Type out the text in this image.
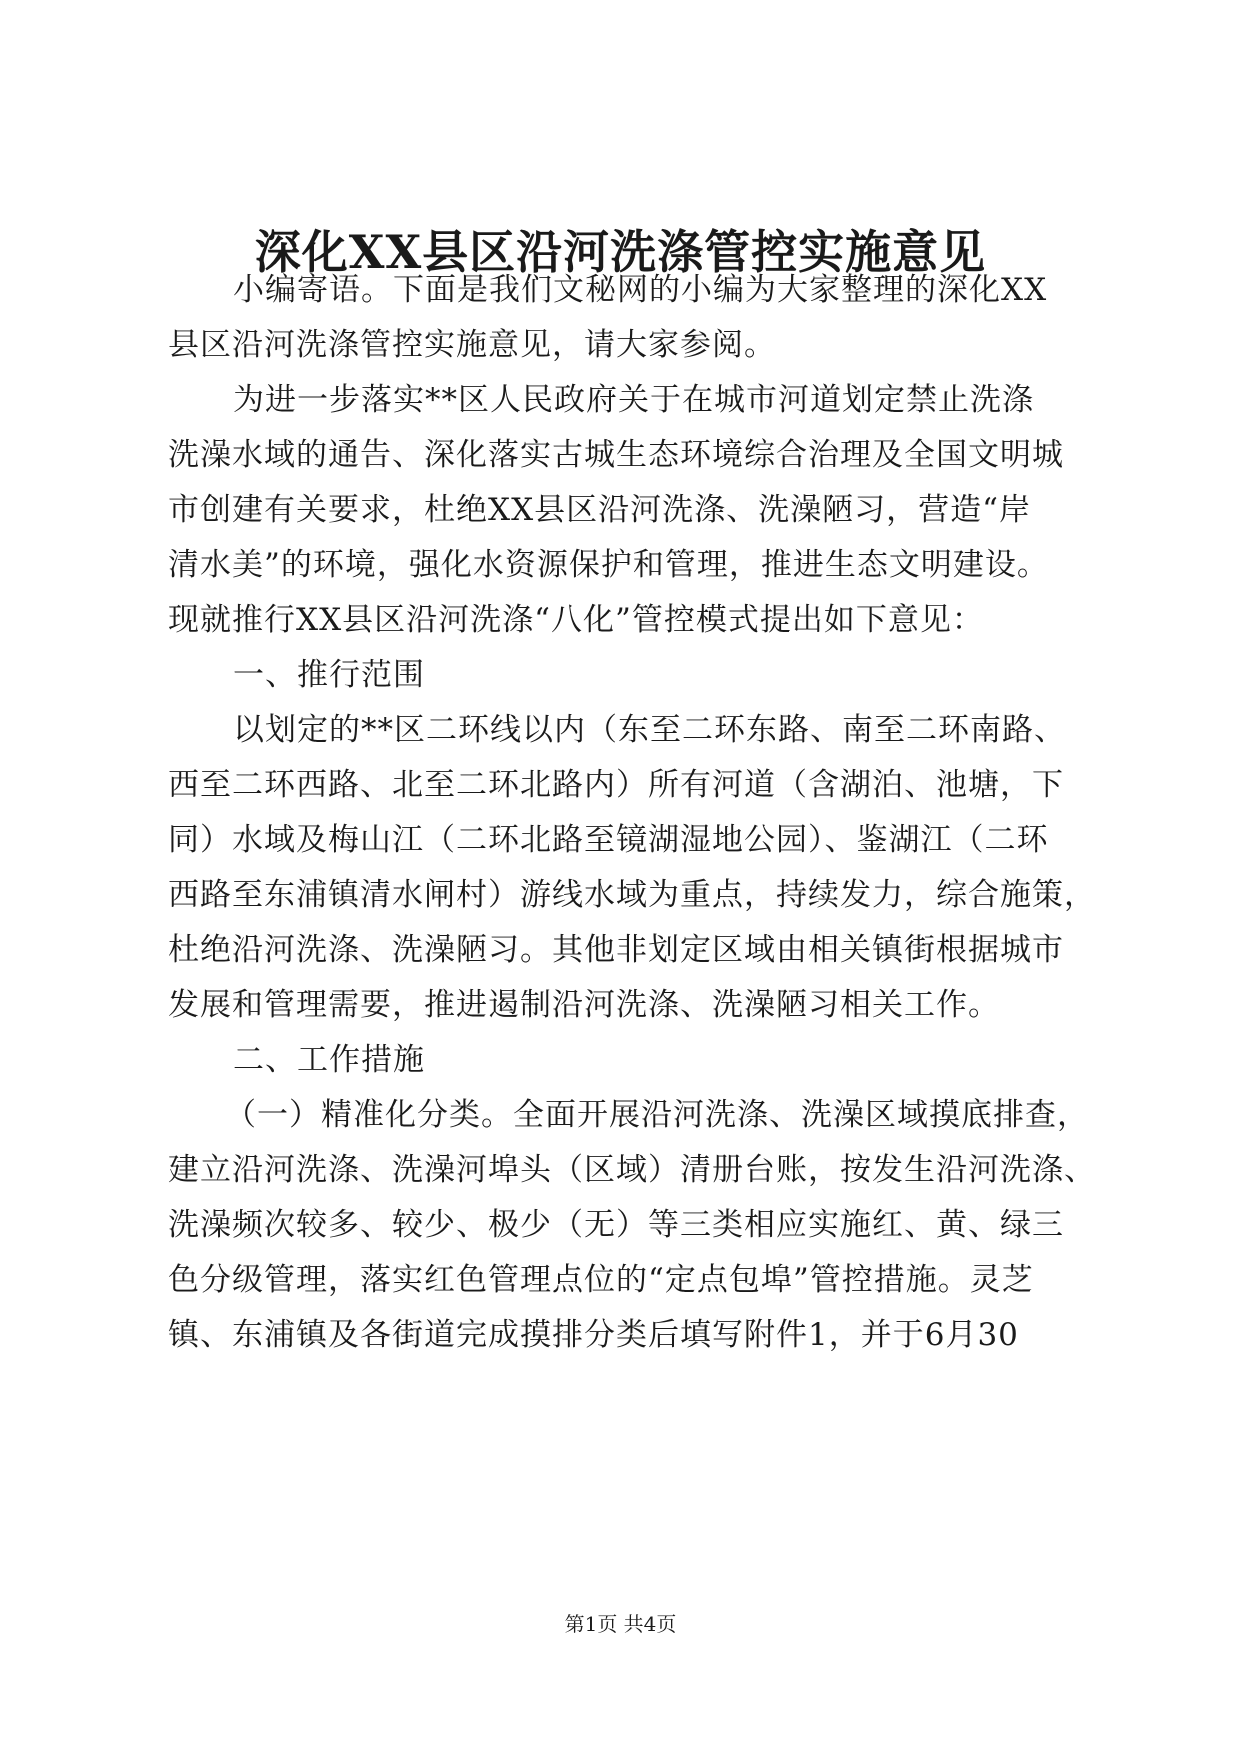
深化XX县区沿河洗涤管控实施意见
小编寄语。下面是我们文秘网的小编为大家整理的深化XX
县区沿河洗涤管控实施意见，请大家参阅。
为进一步落实**区人民政府关于在城市河道划定禁止洗涤
洗澡水域的通告、深化落实古城生态环境综合治理及全国文明城
市创建有关要求，杜绝XX县区沿河洗涤、洗澡陋习，营造“岸
清水美”的环境，强化水资源保护和管理，推进生态文明建设。
现就推行XX县区沿河洗涤“八化”管控模式提出如下意见：
一、推行范围
以划定的**区二环线以内（东至二环东路、南至二环南路、
西至二环西路、北至二环北路内）所有河道（含湖泊、池塘，下
同）水域及梅山江（二环北路至镜湖湿地公园）、鉴湖江（二环
西路至东浦镇清水闸村）游线水域为重点，持续发力，综合施策，
杜绝沿河洗涤、洗澡陋习。其他非划定区域由相关镇街根据城市
发展和管理需要，推进遏制沿河洗涤、洗澡陋习相关工作。
二、工作措施
（一）精准化分类。全面开展沿河洗涤、洗澡区域摸底排查，
建立沿河洗涤、洗澡河埠头（区域）清册台账，按发生沿河洗涤、
洗澡频次较多、较少、极少（无）等三类相应实施红、黄、绿三
色分级管理，落实红色管理点位的“定点包埠”管控措施。灵芝
镇、东浦镇及各街道完成摸排分类后填写附件1，并于6月30
第1页 共4页
